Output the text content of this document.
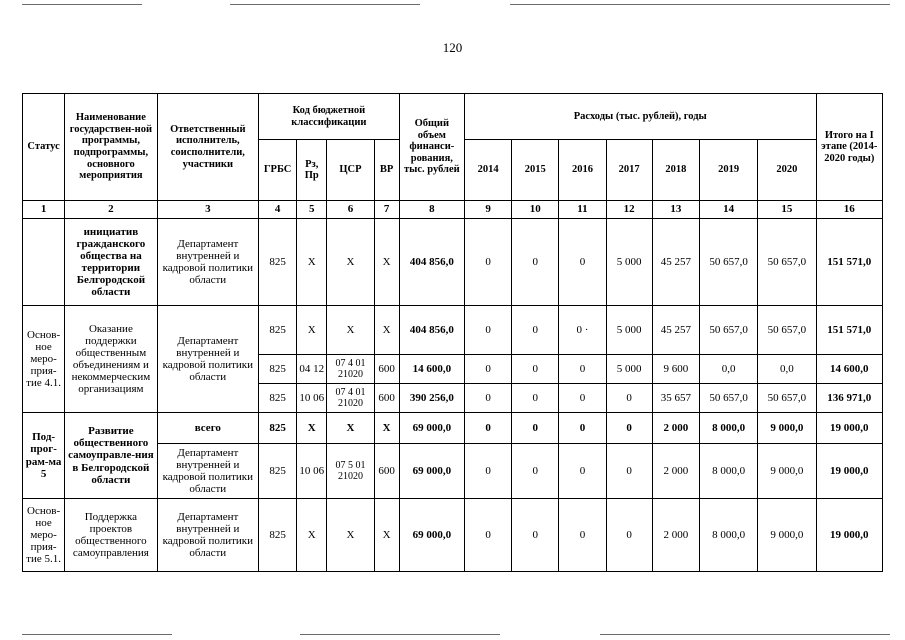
120
Статус	Наименование государствен-ной программы, подпрограммы, основного мероприятия	Ответственный исполнитель, соисполнители, участники	Код бюджетной классификации				Общий объем финанси-рования, тыс. рублей	Расходы (тыс. рублей), годы							Итого на I этапе (2014-2020 годы)
			ГРБС	Рз, Пр	ЦСР	ВР		2014	2015	2016	2017	2018	2019	2020	
1	2	3	4	5	6	7	8	9	10	11	12	13	14	15	16
	инициатив гражданского общества на территории Белгородской области	Департамент внутренней и кадровой политики области	825	Х	Х	Х	404 856,0	0	0	0	5 000	45 257	50 657,0	50 657,0	151 571,0
Основ-ное меро-прия-тие 4.1.	Оказание поддержки общественным объединениям и некоммерческим организациям	Департамент внутренней и кадровой политики области	825	Х	Х	Х	404 856,0	0	0	0 ·	5 000	45 257	50 657,0	50 657,0	151 571,0
			825	04 12	07 4 01 21020	600	14 600,0	0	0	0	5 000	9 600	0,0	0,0	14 600,0
			825	10 06	07 4 01 21020	600	390 256,0	0	0	0	0	35 657	50 657,0	50 657,0	136 971,0
Под-прог-рам-ма 5	Развитие общественного самоуправле-ния в Белгородской области	всего	825	Х	Х	Х	69 000,0	0	0	0	0	2 000	8 000,0	9 000,0	19 000,0
		Департамент внутренней и кадровой политики области	825	10 06	07 5 01 21020	600	69 000,0	0	0	0	0	2 000	8 000,0	9 000,0	19 000,0
Основ-ное меро-прия-тие 5.1.	Поддержка проектов общественного самоуправления	Департамент внутренней и кадровой политики области	825	Х	Х	Х	69 000,0	0	0	0	0	2 000	8 000,0	9 000,0	19 000,0
